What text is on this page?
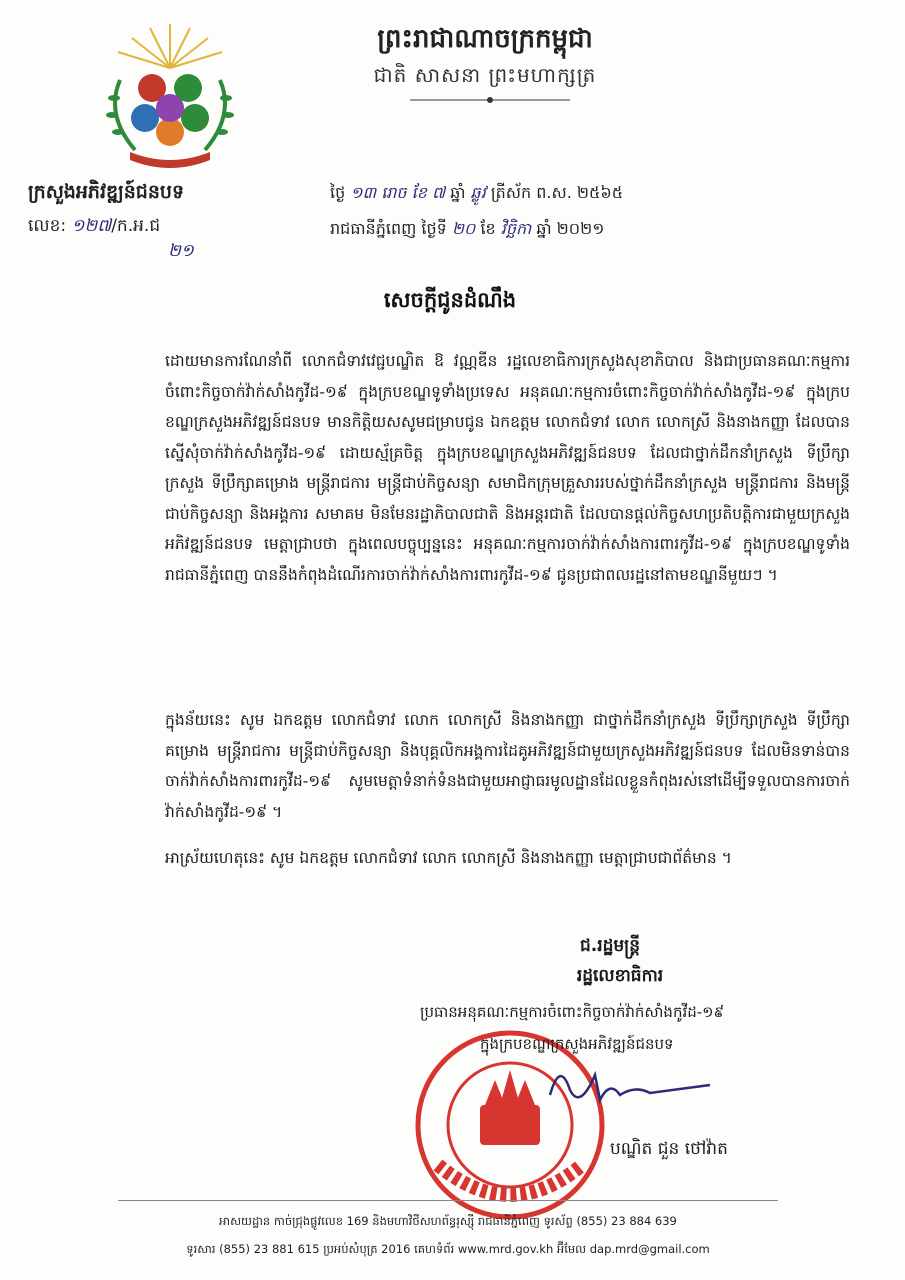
ព្រះរាជាណាចក្រកម្ពុជា
ជាតិ សាសនា ព្រះមហាក្សត្រ
ក្រសួងអភិវឌ្ឍន៍ជនបទ
លេខ: ១២៧/ក.អ.ជ
២១
ថ្ងៃ ១៣ រោច ខែ ៧ ឆ្នាំ ឆ្លូវ ត្រីស័ក ព.ស. ២៥៦៥
រាជធានីភ្នំពេញ ថ្ងៃទី ២០ ខែ វិច្ឆិកា ឆ្នាំ ២០២១
សេចក្តីជូនដំណឹង

ដោយមានការណែនាំពី លោកជំទាវវេជ្ជបណ្ឌិត ឱ វណ្ណឌីន រដ្ឋលេខាធិការក្រសួងសុខាភិបាល និងជាប្រធានគណៈកម្មការចំពោះកិច្ចចាក់វ៉ាក់សាំងកូវីដ-១៩ ក្នុងក្របខណ្ឌទូទាំងប្រទេស អនុគណៈកម្មការចំពោះកិច្ចចាក់វ៉ាក់សាំងកូវីដ-១៩ ក្នុងក្របខណ្ឌក្រសួងអភិវឌ្ឍន៍ជនបទ មានកិត្តិយសសូមជម្រាបជូន ឯកឧត្តម លោកជំទាវ លោក លោកស្រី និងនាងកញ្ញា ដែលបានស្នើសុំចាក់វ៉ាក់សាំងកូវីដ-១៩ ដោយស្ម័គ្រចិត្ត ក្នុងក្របខណ្ឌក្រសួងអភិវឌ្ឍន៍ជនបទ ដែលជាថ្នាក់ដឹកនាំក្រសួង ទីប្រឹក្សាក្រសួង ទីប្រឹក្សាគម្រោង មន្ត្រីរាជការ មន្ត្រីជាប់កិច្ចសន្យា សមាជិកក្រុមគ្រួសាររបស់ថ្នាក់ដឹកនាំក្រសួង មន្ត្រីរាជការ និងមន្ត្រីជាប់កិច្ចសន្យា និងអង្គការ សមាគម មិនមែនរដ្ឋាភិបាលជាតិ និងអន្តរជាតិ ដែលបានផ្តល់កិច្ចសហប្រតិបត្តិការជាមួយក្រសួងអភិវឌ្ឍន៍ជនបទ មេត្តាជ្រាបថា ក្នុងពេលបច្ចុប្បន្ននេះ អនុគណៈកម្មការចាក់វ៉ាក់សាំងការពារកូវីដ-១៩ ក្នុងក្របខណ្ឌទូទាំងរាជធានីភ្នំពេញ បាននឹងកំពុងដំណើរការចាក់វ៉ាក់សាំងការពារកូវីដ-១៩ ជូនប្រជាពលរដ្ឋនៅតាមខណ្ឌនីមួយៗ ។

ក្នុងន័យនេះ សូម ឯកឧត្តម លោកជំទាវ លោក លោកស្រី និងនាងកញ្ញា ជាថ្នាក់ដឹកនាំក្រសួង ទីប្រឹក្សាក្រសួង ទីប្រឹក្សាគម្រោង មន្ត្រីរាជការ មន្ត្រីជាប់កិច្ចសន្យា និងបុគ្គលិកអង្គការដៃគូអភិវឌ្ឍន៍ជាមួយក្រសួងអភិវឌ្ឍន៍ជនបទ ដែលមិនទាន់បានចាក់វ៉ាក់សាំងការពារកូវីដ-១៩ សូមមេត្តាទំនាក់ទំនងជាមួយអាជ្ញាធរមូលដ្ឋានដែលខ្លួនកំពុងរស់នៅដើម្បីទទួលបានការចាក់វ៉ាក់សាំងកូវីដ-១៩ ។

អាស្រ័យហេតុនេះ សូម ឯកឧត្តម លោកជំទាវ លោក លោកស្រី និងនាងកញ្ញា មេត្តាជ្រាបជាព័ត៌មាន ។

ជ.រដ្ឋមន្ត្រី
រដ្ឋលេខាធិការ
ប្រធានអនុគណៈកម្មការចំពោះកិច្ចចាក់វ៉ាក់សាំងកូវីដ-១៩
ក្នុងក្របខណ្ឌក្រសួងអភិវឌ្ឍន៍ជនបទ
បណ្ឌិត ជួន ថៅវ៉ាត
អាសយដ្ឋាន កាច់ជ្រុងផ្លូវលេខ 169 និងមហាវិថីសហព័ន្ធរុស្ស៊ី រាជធានីភ្នំពេញ ទូរស័ព្ទ (855) 23 884 639
ទូរសារ (855) 23 881 615 ប្រអប់សំបុត្រ 2016 គេហទំព័រ www.mrd.gov.kh អ៊ីមែល dap.mrd@gmail.com
